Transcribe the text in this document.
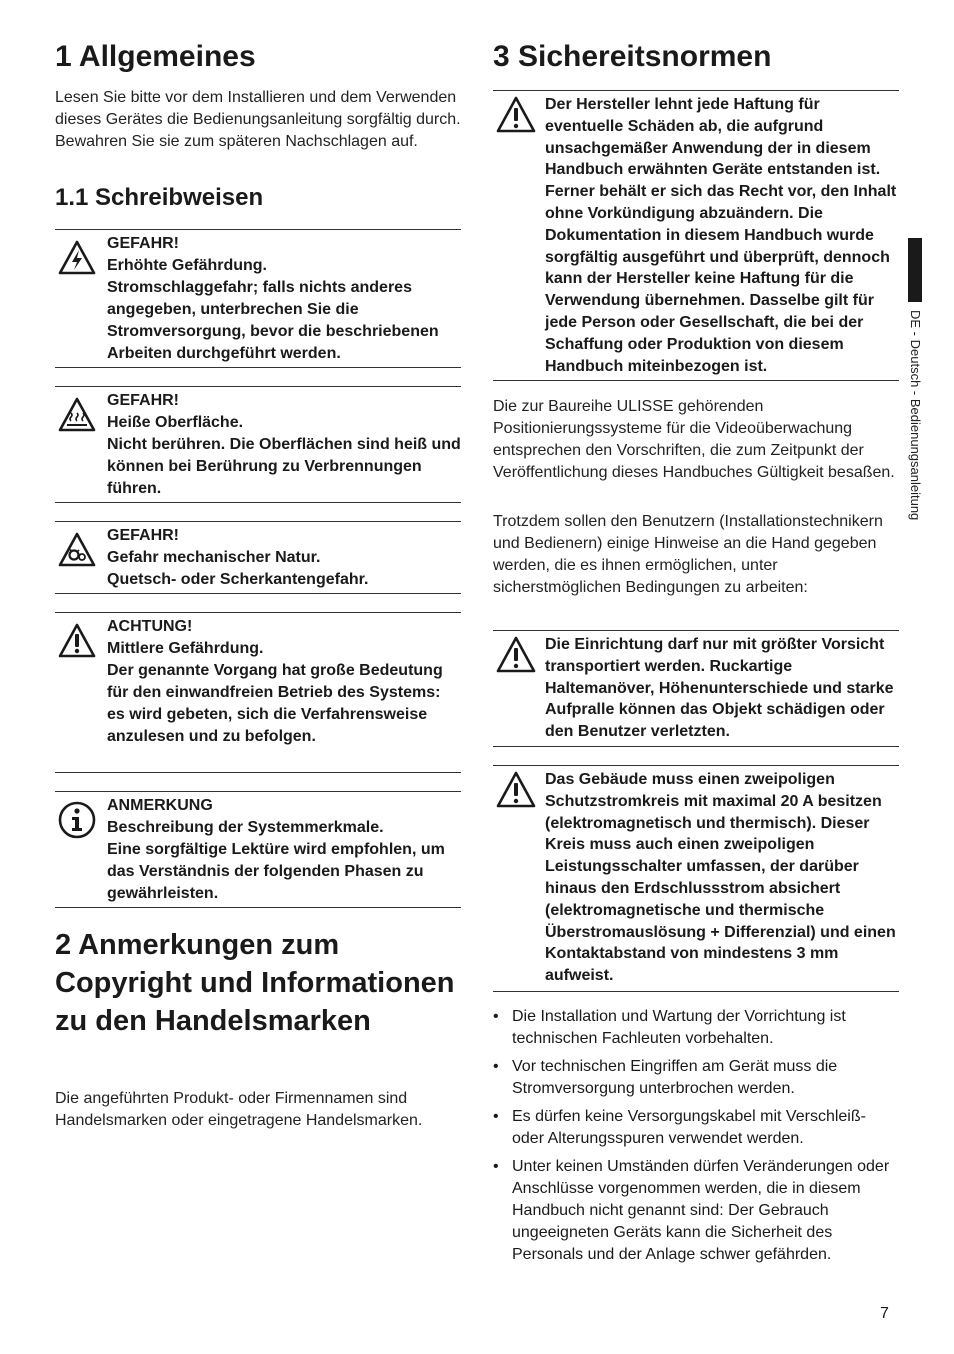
1 Allgemeines

Lesen Sie bitte vor dem Installieren und dem Verwenden dieses Gerätes die Bedienungsanleitung sorgfältig durch. Bewahren Sie sie zum späteren Nachschlagen auf.

1.1 Schreibweisen
GEFAHR!
Erhöhte Gefährdung.
Stromschlaggefahr; falls nichts anderes angegeben, unterbrechen Sie die Stromversorgung, bevor die beschriebenen Arbeiten durchgeführt werden.
GEFAHR!
Heiße Oberfläche.
Nicht berühren. Die Oberflächen sind heiß und können bei Berührung zu Verbrennungen führen.
GEFAHR!
Gefahr mechanischer Natur.
Quetsch- oder Scherkantengefahr.
ACHTUNG!
Mittlere Gefährdung.
Der genannte Vorgang hat große Bedeutung für den einwandfreien Betrieb des Systems: es wird gebeten, sich die Verfahrensweise anzulesen und zu befolgen.
ANMERKUNG
Beschreibung der Systemmerkmale.
Eine sorgfältige Lektüre wird empfohlen, um das Verständnis der folgenden Phasen zu gewährleisten.
2 Anmerkungen zum Copyright und Informationen zu den Handelsmarken

Die angeführten Produkt- oder Firmennamen sind Handelsmarken oder eingetragene Handelsmarken.

3 Sichereitsnormen
Der Hersteller lehnt jede Haftung für eventuelle Schäden ab, die aufgrund unsachgemäßer Anwendung der in diesem Handbuch erwähnten Geräte entstanden ist. Ferner behält er sich das Recht vor, den Inhalt ohne Vorkündigung abzuändern. Die Dokumentation in diesem Handbuch wurde sorgfältig ausgeführt und überprüft, dennoch kann der Hersteller keine Haftung für die Verwendung übernehmen. Dasselbe gilt für jede Person oder Gesellschaft, die bei der Schaffung oder Produktion von diesem Handbuch miteinbezogen ist.

Die zur Baureihe ULISSE gehörenden Positionierungssysteme für die Videoüberwachung entsprechen den Vorschriften, die zum Zeitpunkt der Veröffentlichung dieses Handbuches Gültigkeit besaßen.

Trotzdem sollen den Benutzern (Installationstechnikern und Bedienern) einige Hinweise an die Hand gegeben werden, die es ihnen ermöglichen, unter sicherstmöglichen Bedingungen zu arbeiten:

Die Einrichtung darf nur mit größter Vorsicht transportiert werden. Ruckartige Haltemanöver, Höhenunterschiede und starke Aufpralle können das Objekt schädigen oder den Benutzer verletzten.
Das Gebäude muss einen zweipoligen Schutzstromkreis mit maximal 20 A besitzen (elektromagnetisch und thermisch). Dieser Kreis muss auch einen zweipoligen Leistungsschalter umfassen, der darüber hinaus den Erdschlussstrom absichert (elektromagnetische und thermische Überstromauslösung + Differenzial) und einen Kontaktabstand von mindestens 3 mm aufweist.
• Die Installation und Wartung der Vorrichtung ist technischen Fachleuten vorbehalten.
• Vor technischen Eingriffen am Gerät muss die Stromversorgung unterbrochen werden.
• Es dürfen keine Versorgungskabel mit Verschleiß- oder Alterungsspuren verwendet werden.
• Unter keinen Umständen dürfen Veränderungen oder Anschlüsse vorgenommen werden, die in diesem Handbuch nicht genannt sind: Der Gebrauch ungeeigneten Geräts kann die Sicherheit des Personals und der Anlage schwer gefährden.
DE - Deutsch - Bedienungsanleitung
7
